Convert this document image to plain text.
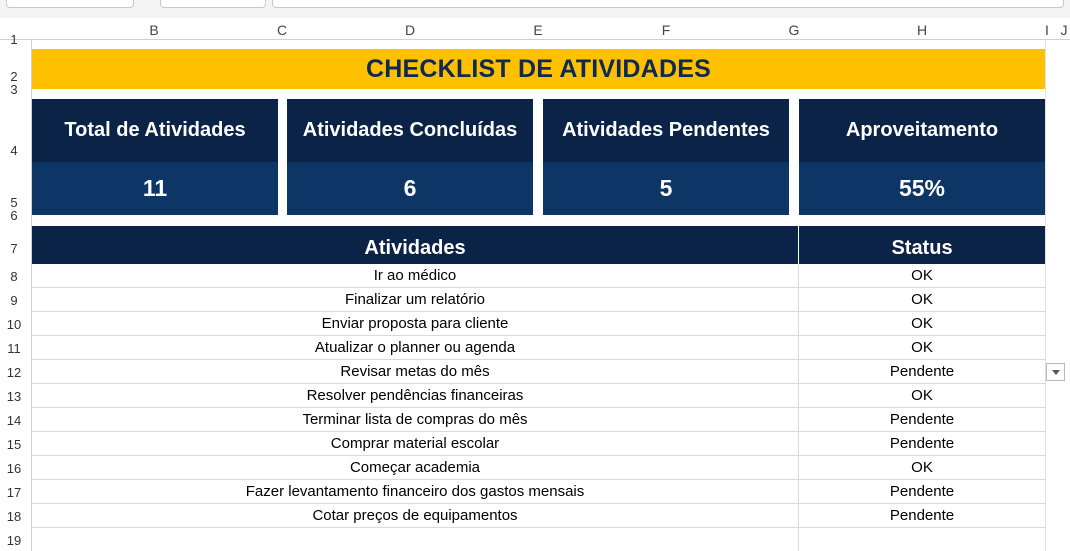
B	C	D	E	F	G	H	I J
1
2
3
4
5
6
7
8
9
10
11
12
13
14
15
16
17
18
19
CHECKLIST DE ATIVIDADES
Total de Atividades
11
Atividades Concluídas
6
Atividades Pendentes
5
Aproveitamento
55%
Atividades	Status
Ir ao médico	OK
Finalizar um relatório	OK
Enviar proposta para cliente	OK
Atualizar o planner ou agenda	OK
Revisar metas do mês	Pendente
Resolver pendências financeiras	OK
Terminar lista de compras do mês	Pendente
Comprar material escolar	Pendente
Começar academia	OK
Fazer levantamento financeiro dos gastos mensais	Pendente
Cotar preços de equipamentos	Pendente
